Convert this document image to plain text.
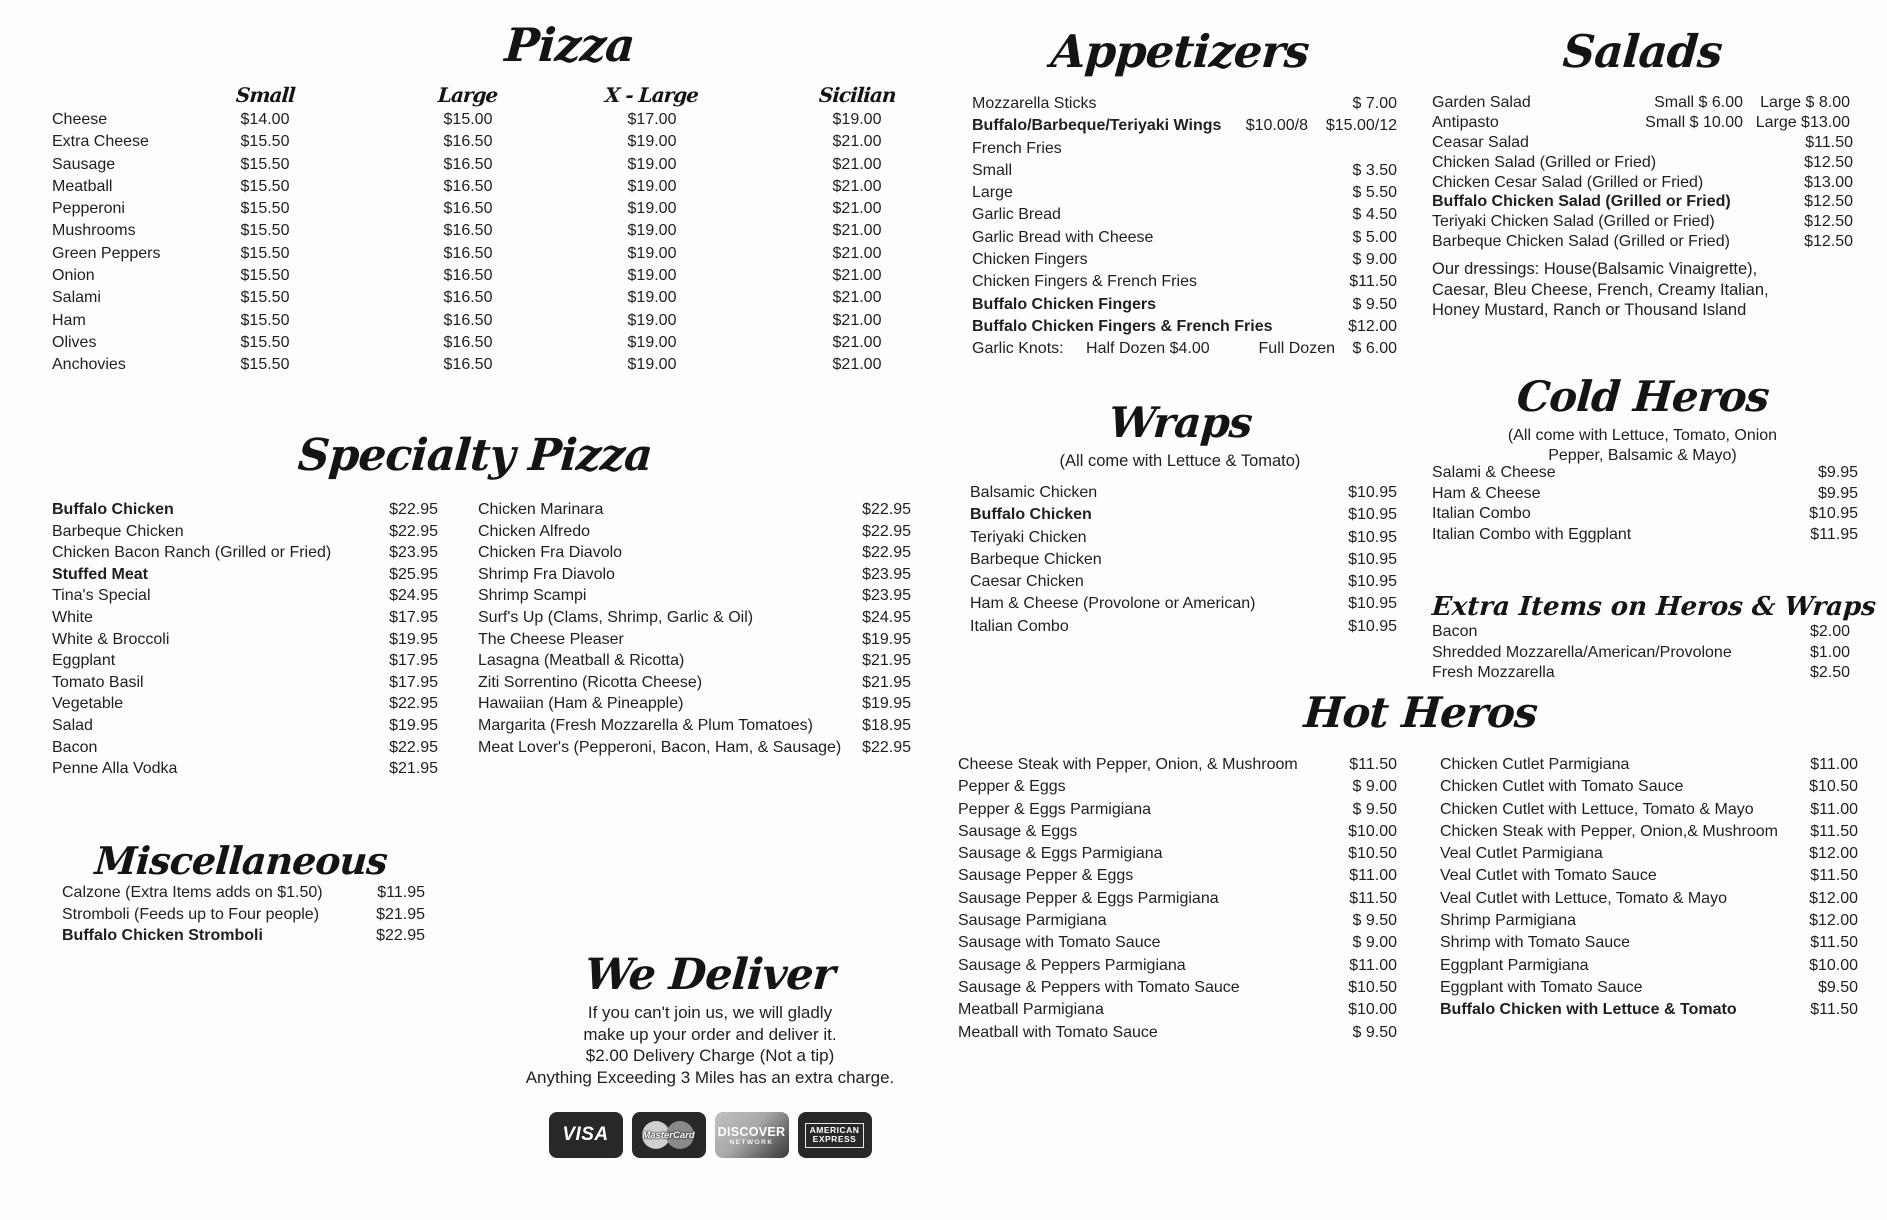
Pizza
Small	Large	X - Large	Sicilian
Cheese	$14.00	$15.00	$17.00	$19.00
Extra Cheese	$15.50	$16.50	$19.00	$21.00
Sausage	$15.50	$16.50	$19.00	$21.00
Meatball	$15.50	$16.50	$19.00	$21.00
Pepperoni	$15.50	$16.50	$19.00	$21.00
Mushrooms	$15.50	$16.50	$19.00	$21.00
Green Peppers	$15.50	$16.50	$19.00	$21.00
Onion	$15.50	$16.50	$19.00	$21.00
Salami	$15.50	$16.50	$19.00	$21.00
Ham	$15.50	$16.50	$19.00	$21.00
Olives	$15.50	$16.50	$19.00	$21.00
Anchovies	$15.50	$16.50	$19.00	$21.00
Specialty Pizza
Buffalo Chicken	$22.95
Barbeque Chicken	$22.95
Chicken Bacon Ranch (Grilled or Fried)	$23.95
Stuffed Meat	$25.95
Tina's Special	$24.95
White	$17.95
White & Broccoli	$19.95
Eggplant	$17.95
Tomato Basil	$17.95
Vegetable	$22.95
Salad	$19.95
Bacon	$22.95
Penne Alla Vodka	$21.95
Chicken Marinara	$22.95
Chicken Alfredo	$22.95
Chicken Fra Diavolo	$22.95
Shrimp Fra Diavolo	$23.95
Shrimp Scampi	$23.95
Surf's Up (Clams, Shrimp, Garlic & Oil)	$24.95
The Cheese Pleaser	$19.95
Lasagna (Meatball & Ricotta)	$21.95
Ziti Sorrentino (Ricotta Cheese)	$21.95
Hawaiian (Ham & Pineapple)	$19.95
Margarita (Fresh Mozzarella & Plum Tomatoes)	$18.95
Meat Lover's (Pepperoni, Bacon, Ham, & Sausage) $22.95
Miscellaneous
Calzone (Extra Items adds on $1.50)	$11.95
Stromboli (Feeds up to Four people)	$21.95
Buffalo Chicken Stromboli	$22.95
We Deliver
If you can't join us, we will gladly
make up your order and deliver it.
$2.00 Delivery Charge (Not a tip)
Anything Exceeding 3 Miles has an extra charge.
VISA	MasterCard DISCOVER
NETWORK
AMERICAN
EXPRESS
Appetizers
Mozzarella Sticks	$ 7.00
Buffalo/Barbeque/Teriyaki Wings $10.00/8 $15.00/12
French Fries
Small	$ 3.50
Large	$ 5.50
Garlic Bread	$ 4.50
Garlic Bread with Cheese	$ 5.00
Chicken Fingers	$ 9.00
Chicken Fingers & French Fries	$11.50
Buffalo Chicken Fingers	$ 9.50
Buffalo Chicken Fingers & French Fries	$12.00
Garlic Knots: Half Dozen $4.00	Full Dozen $ 6.00
Wraps
(All come with Lettuce & Tomato)
Balsamic Chicken	$10.95
Buffalo Chicken	$10.95
Teriyaki Chicken	$10.95
Barbeque Chicken	$10.95
Caesar Chicken	$10.95
Ham & Cheese (Provolone or American)	$10.95
Italian Combo	$10.95
Hot Heros
Cheese Steak with Pepper, Onion, & Mushroom	$11.50
Pepper & Eggs	$ 9.00
Pepper & Eggs Parmigiana	$ 9.50
Sausage & Eggs	$10.00
Sausage & Eggs Parmigiana	$10.50
Sausage Pepper & Eggs	$11.00
Sausage Pepper & Eggs Parmigiana	$11.50
Sausage Parmigiana	$ 9.50
Sausage with Tomato Sauce	$ 9.00
Sausage & Peppers Parmigiana	$11.00
Sausage & Peppers with Tomato Sauce	$10.50
Meatball Parmigiana	$10.00
Meatball with Tomato Sauce	$ 9.50
Chicken Cutlet Parmigiana	$11.00
Chicken Cutlet with Tomato Sauce	$10.50
Chicken Cutlet with Lettuce, Tomato & Mayo	$11.00
Chicken Steak with Pepper, Onion,& Mushroom $11.50
Veal Cutlet Parmigiana	$12.00
Veal Cutlet with Tomato Sauce	$11.50
Veal Cutlet with Lettuce, Tomato & Mayo	$12.00
Shrimp Parmigiana	$12.00
Shrimp with Tomato Sauce	$11.50
Eggplant Parmigiana	$10.00
Eggplant with Tomato Sauce	$9.50
Buffalo Chicken with Lettuce & Tomato	$11.50
Salads
Garden Salad	Small $ 6.00 Large $ 8.00
Antipasto	Small $ 10.00 Large $13.00
Ceasar Salad	$11.50
Chicken Salad (Grilled or Fried)	$12.50
Chicken Cesar Salad (Grilled or Fried)	$13.00
Buffalo Chicken Salad (Grilled or Fried)	$12.50
Teriyaki Chicken Salad (Grilled or Fried)	$12.50
Barbeque Chicken Salad (Grilled or Fried)	$12.50
Our dressings: House(Balsamic Vinaigrette),
Caesar, Bleu Cheese, French, Creamy Italian,
Honey Mustard, Ranch or Thousand Island
Cold Heros
(All come with Lettuce, Tomato, Onion
Pepper, Balsamic & Mayo)
Salami & Cheese	$9.95
Ham & Cheese	$9.95
Italian Combo	$10.95
Italian Combo with Eggplant	$11.95
Extra Items on Heros & Wraps
Bacon	$2.00
Shredded Mozzarella/American/Provolone	$1.00
Fresh Mozzarella	$2.50
